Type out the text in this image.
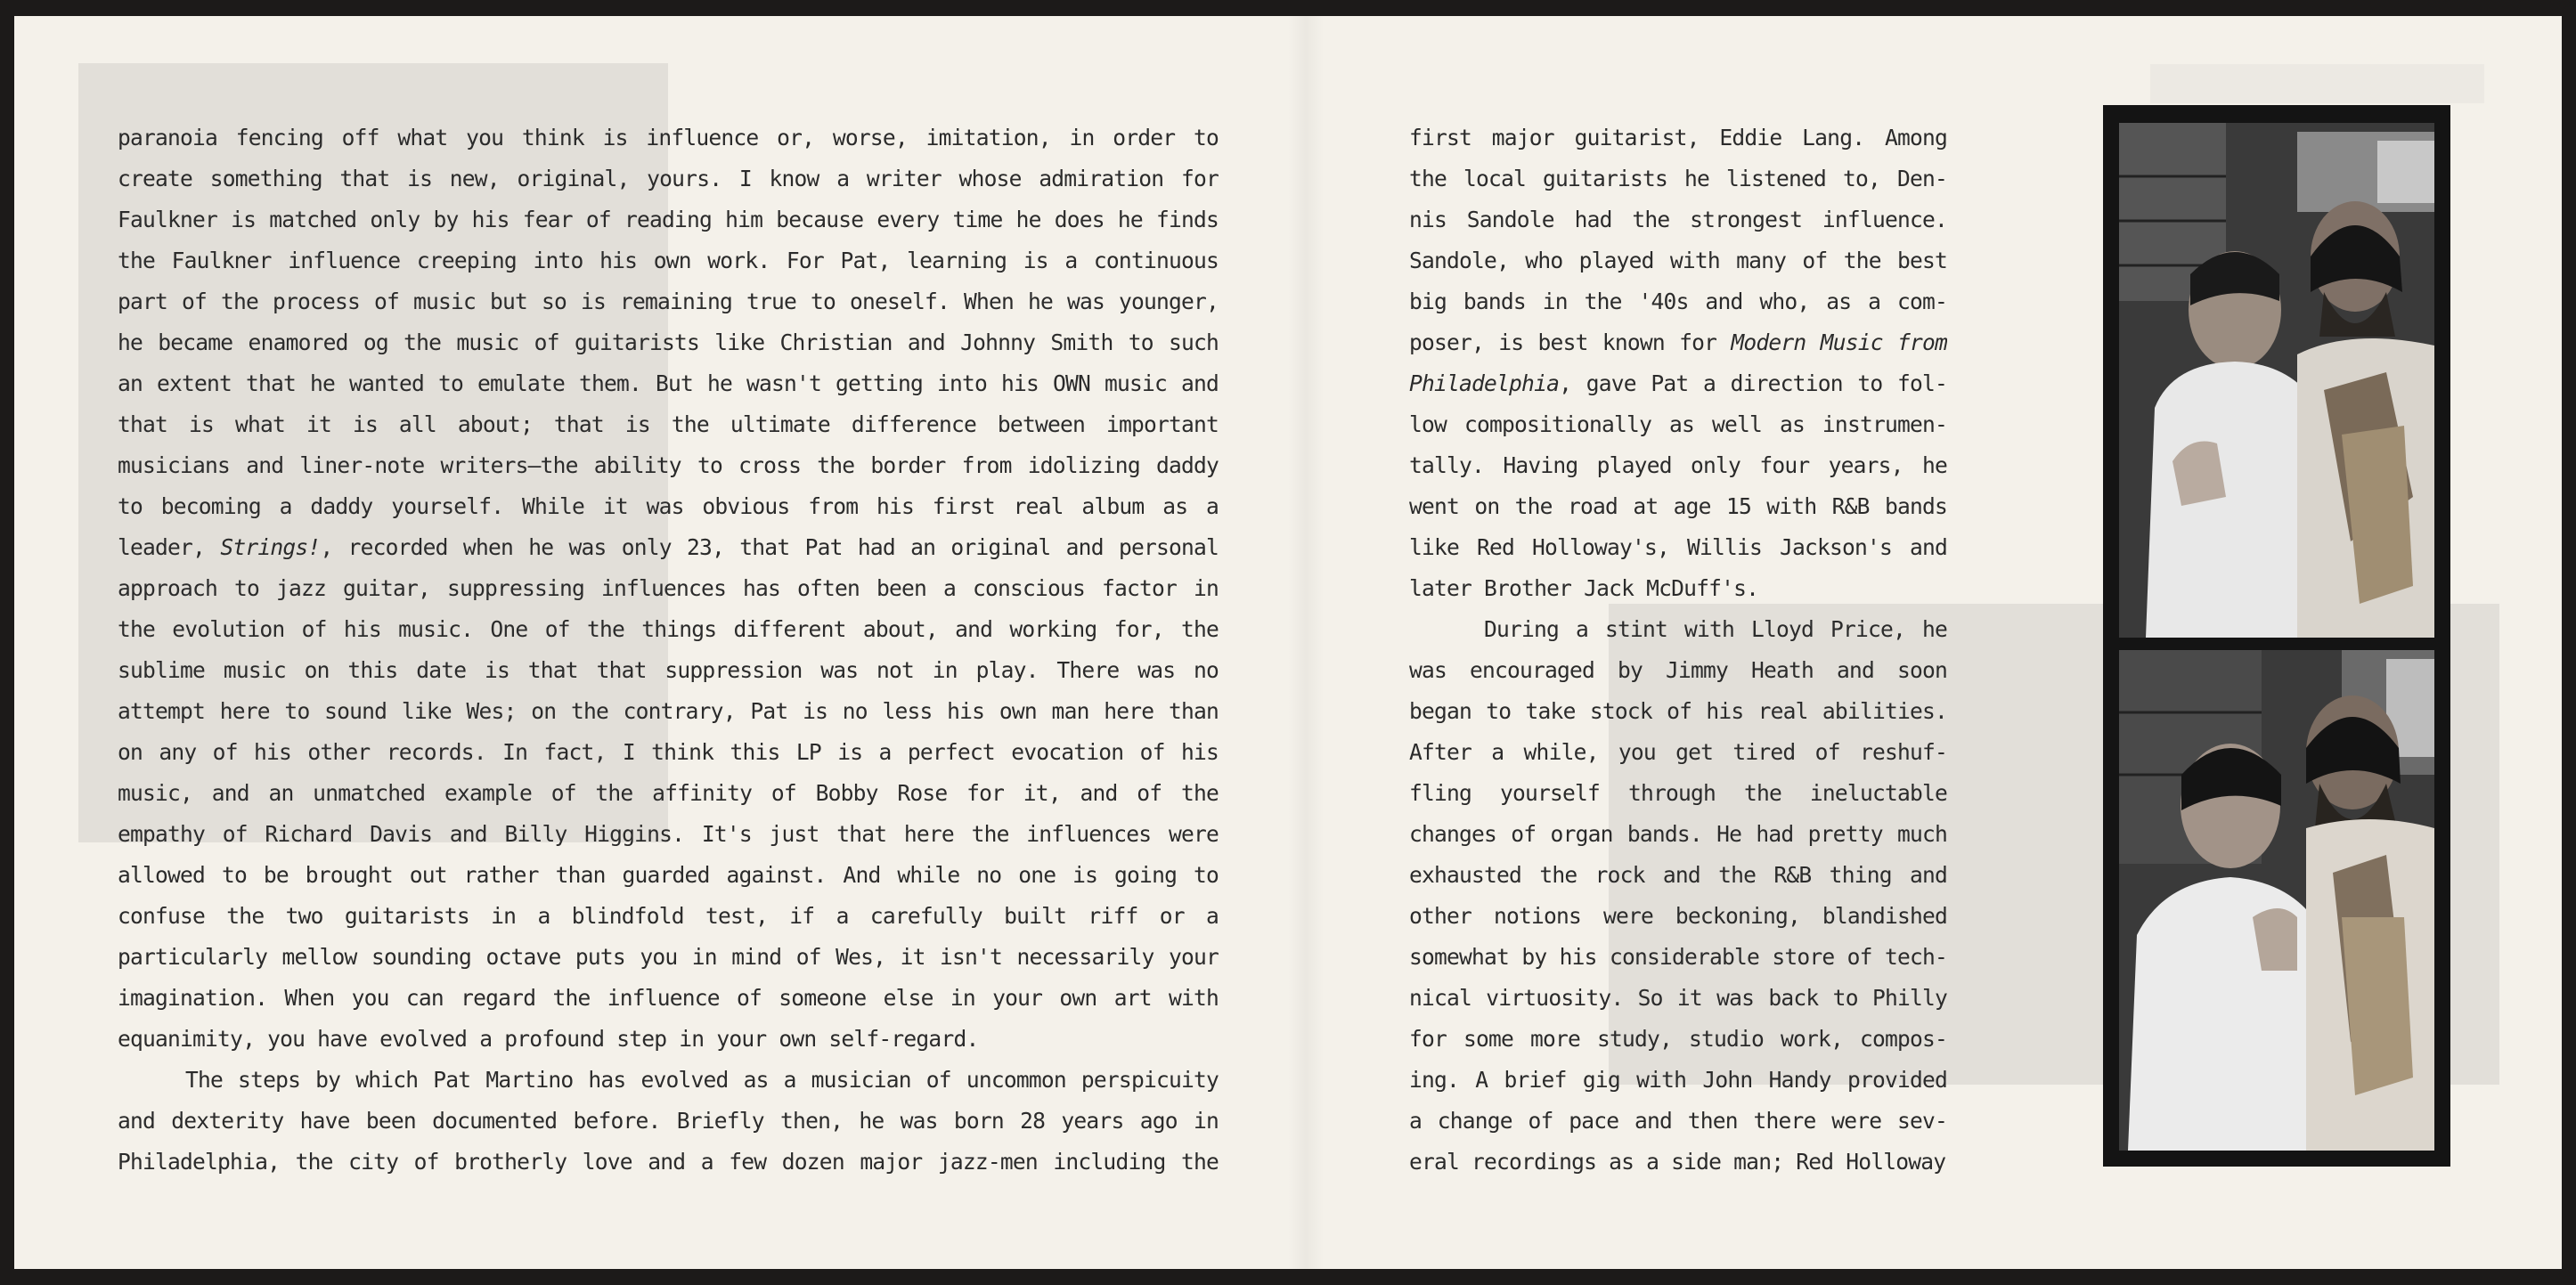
paranoia fencing off what you think is influence or, worse, imitation, in order to
create something that is new, original, yours. I know a writer whose admiration for
Faulkner is matched only by his fear of reading him because every time he does he finds
the Faulkner influence creeping into his own work. For Pat, learning is a continuous
part of the process of music but so is remaining true to oneself. When he was younger,
he became enamored og the music of guitarists like Christian and Johnny Smith to such
an extent that he wanted to emulate them. But he wasn't getting into his OWN music and
that is what it is all about; that is the ultimate difference between important
musicians and liner-note writers—the ability to cross the border from idolizing daddy
to becoming a daddy yourself. While it was obvious from his first real album as a
leader, Strings!, recorded when he was only 23, that Pat had an original and personal
approach to jazz guitar, suppressing influences has often been a conscious factor in
the evolution of his music. One of the things different about, and working for, the
sublime music on this date is that that suppression was not in play. There was no
attempt here to sound like Wes; on the contrary, Pat is no less his own man here than
on any of his other records. In fact, I think this LP is a perfect evocation of his
music, and an unmatched example of the affinity of Bobby Rose for it, and of the
empathy of Richard Davis and Billy Higgins. It's just that here the influences were
allowed to be brought out rather than guarded against. And while no one is going to
confuse the two guitarists in a blindfold test, if a carefully built riff or a
particularly mellow sounding octave puts you in mind of Wes, it isn't necessarily your
imagination. When you can regard the influence of someone else in your own art with
equanimity, you have evolved a profound step in your own self-regard.
The steps by which Pat Martino has evolved as a musician of uncommon perspicuity
and dexterity have been documented before. Briefly then, he was born 28 years ago in
Philadelphia, the city of brotherly love and a few dozen major jazz-men including the
first major guitarist, Eddie Lang. Among
the local guitarists he listened to, Den-
nis Sandole had the strongest influence.
Sandole, who played with many of the best
big bands in the '40s and who, as a com-
poser, is best known for Modern Music from
Philadelphia, gave Pat a direction to fol-
low compositionally as well as instrumen-
tally. Having played only four years, he
went on the road at age 15 with R&B bands
like Red Holloway's, Willis Jackson's and
later Brother Jack McDuff's.
During a stint with Lloyd Price, he
was encouraged by Jimmy Heath and soon
began to take stock of his real abilities.
After a while, you get tired of reshuf-
fling yourself through the ineluctable
changes of organ bands. He had pretty much
exhausted the rock and the R&B thing and
other notions were beckoning, blandished
somewhat by his considerable store of tech-
nical virtuosity. So it was back to Philly
for some more study, studio work, compos-
ing. A brief gig with John Handy provided
a change of pace and then there were sev-
eral recordings as a side man; Red Holloway
